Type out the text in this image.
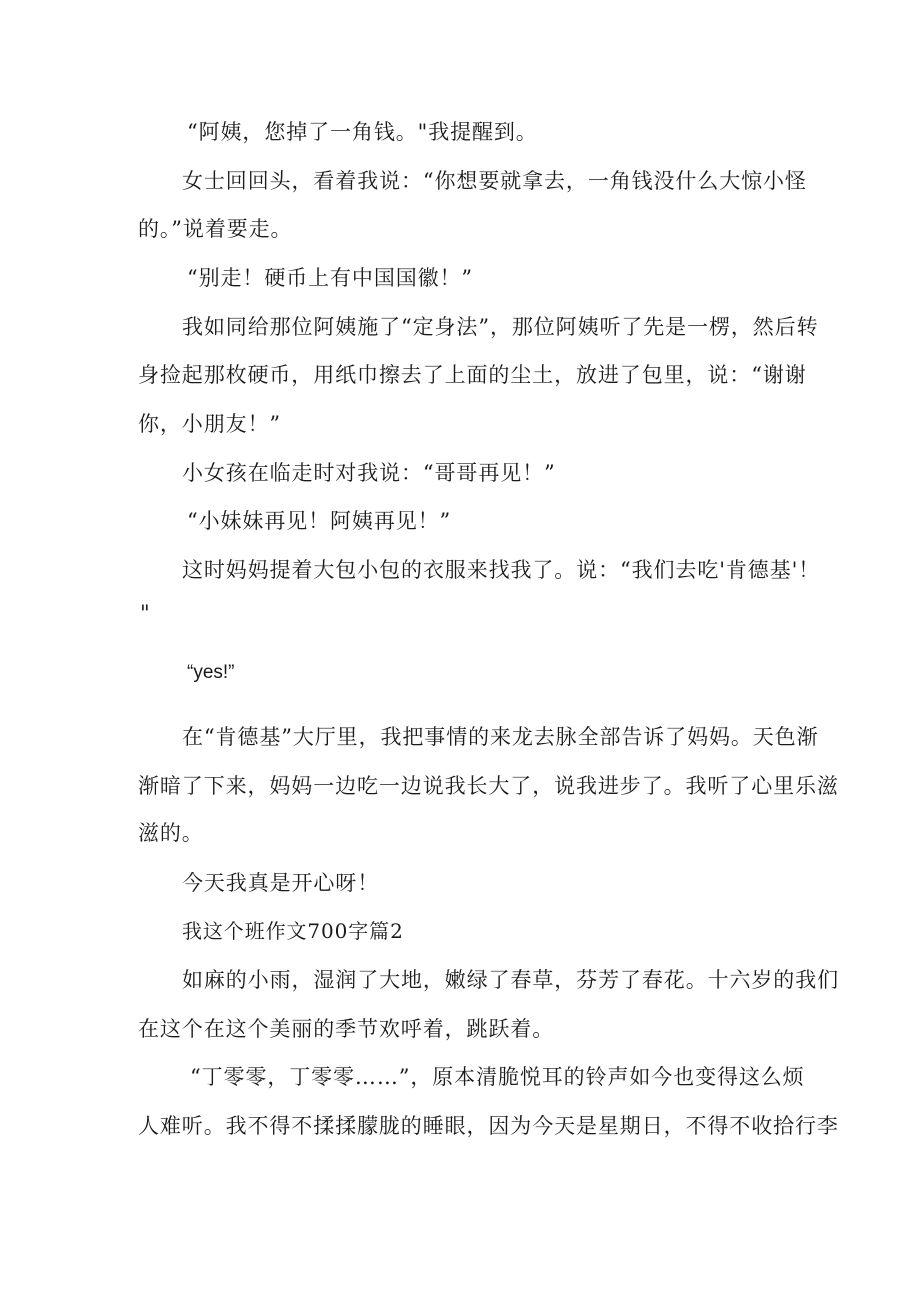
“阿姨，您掉了一角钱。"我提醒到。
女士回回头，看着我说：“你想要就拿去，一角钱没什么大惊小怪
的。”说着要走。
“别走！硬币上有中国国徽！”
我如同给那位阿姨施了“定身法”，那位阿姨听了先是一楞，然后转
身捡起那枚硬币，用纸巾擦去了上面的尘土，放进了包里，说：“谢谢
你，小朋友！”
小女孩在临走时对我说：“哥哥再见！”
“小妹妹再见！阿姨再见！”
这时妈妈提着大包小包的衣服来找我了。说：“我们去吃'肯德基'！
"
“yes!”
在“肯德基”大厅里，我把事情的来龙去脉全部告诉了妈妈。天色渐
渐暗了下来，妈妈一边吃一边说我长大了，说我进步了。我听了心里乐滋
滋的。
今天我真是开心呀！
我这个班作文700字篇2
如麻的小雨，湿润了大地，嫩绿了春草，芬芳了春花。十六岁的我们
在这个在这个美丽的季节欢呼着，跳跃着。
“丁零零，丁零零……”，原本清脆悦耳的铃声如今也变得这么烦
人难听。我不得不揉揉朦胧的睡眼，因为今天是星期日，不得不收拾行李
